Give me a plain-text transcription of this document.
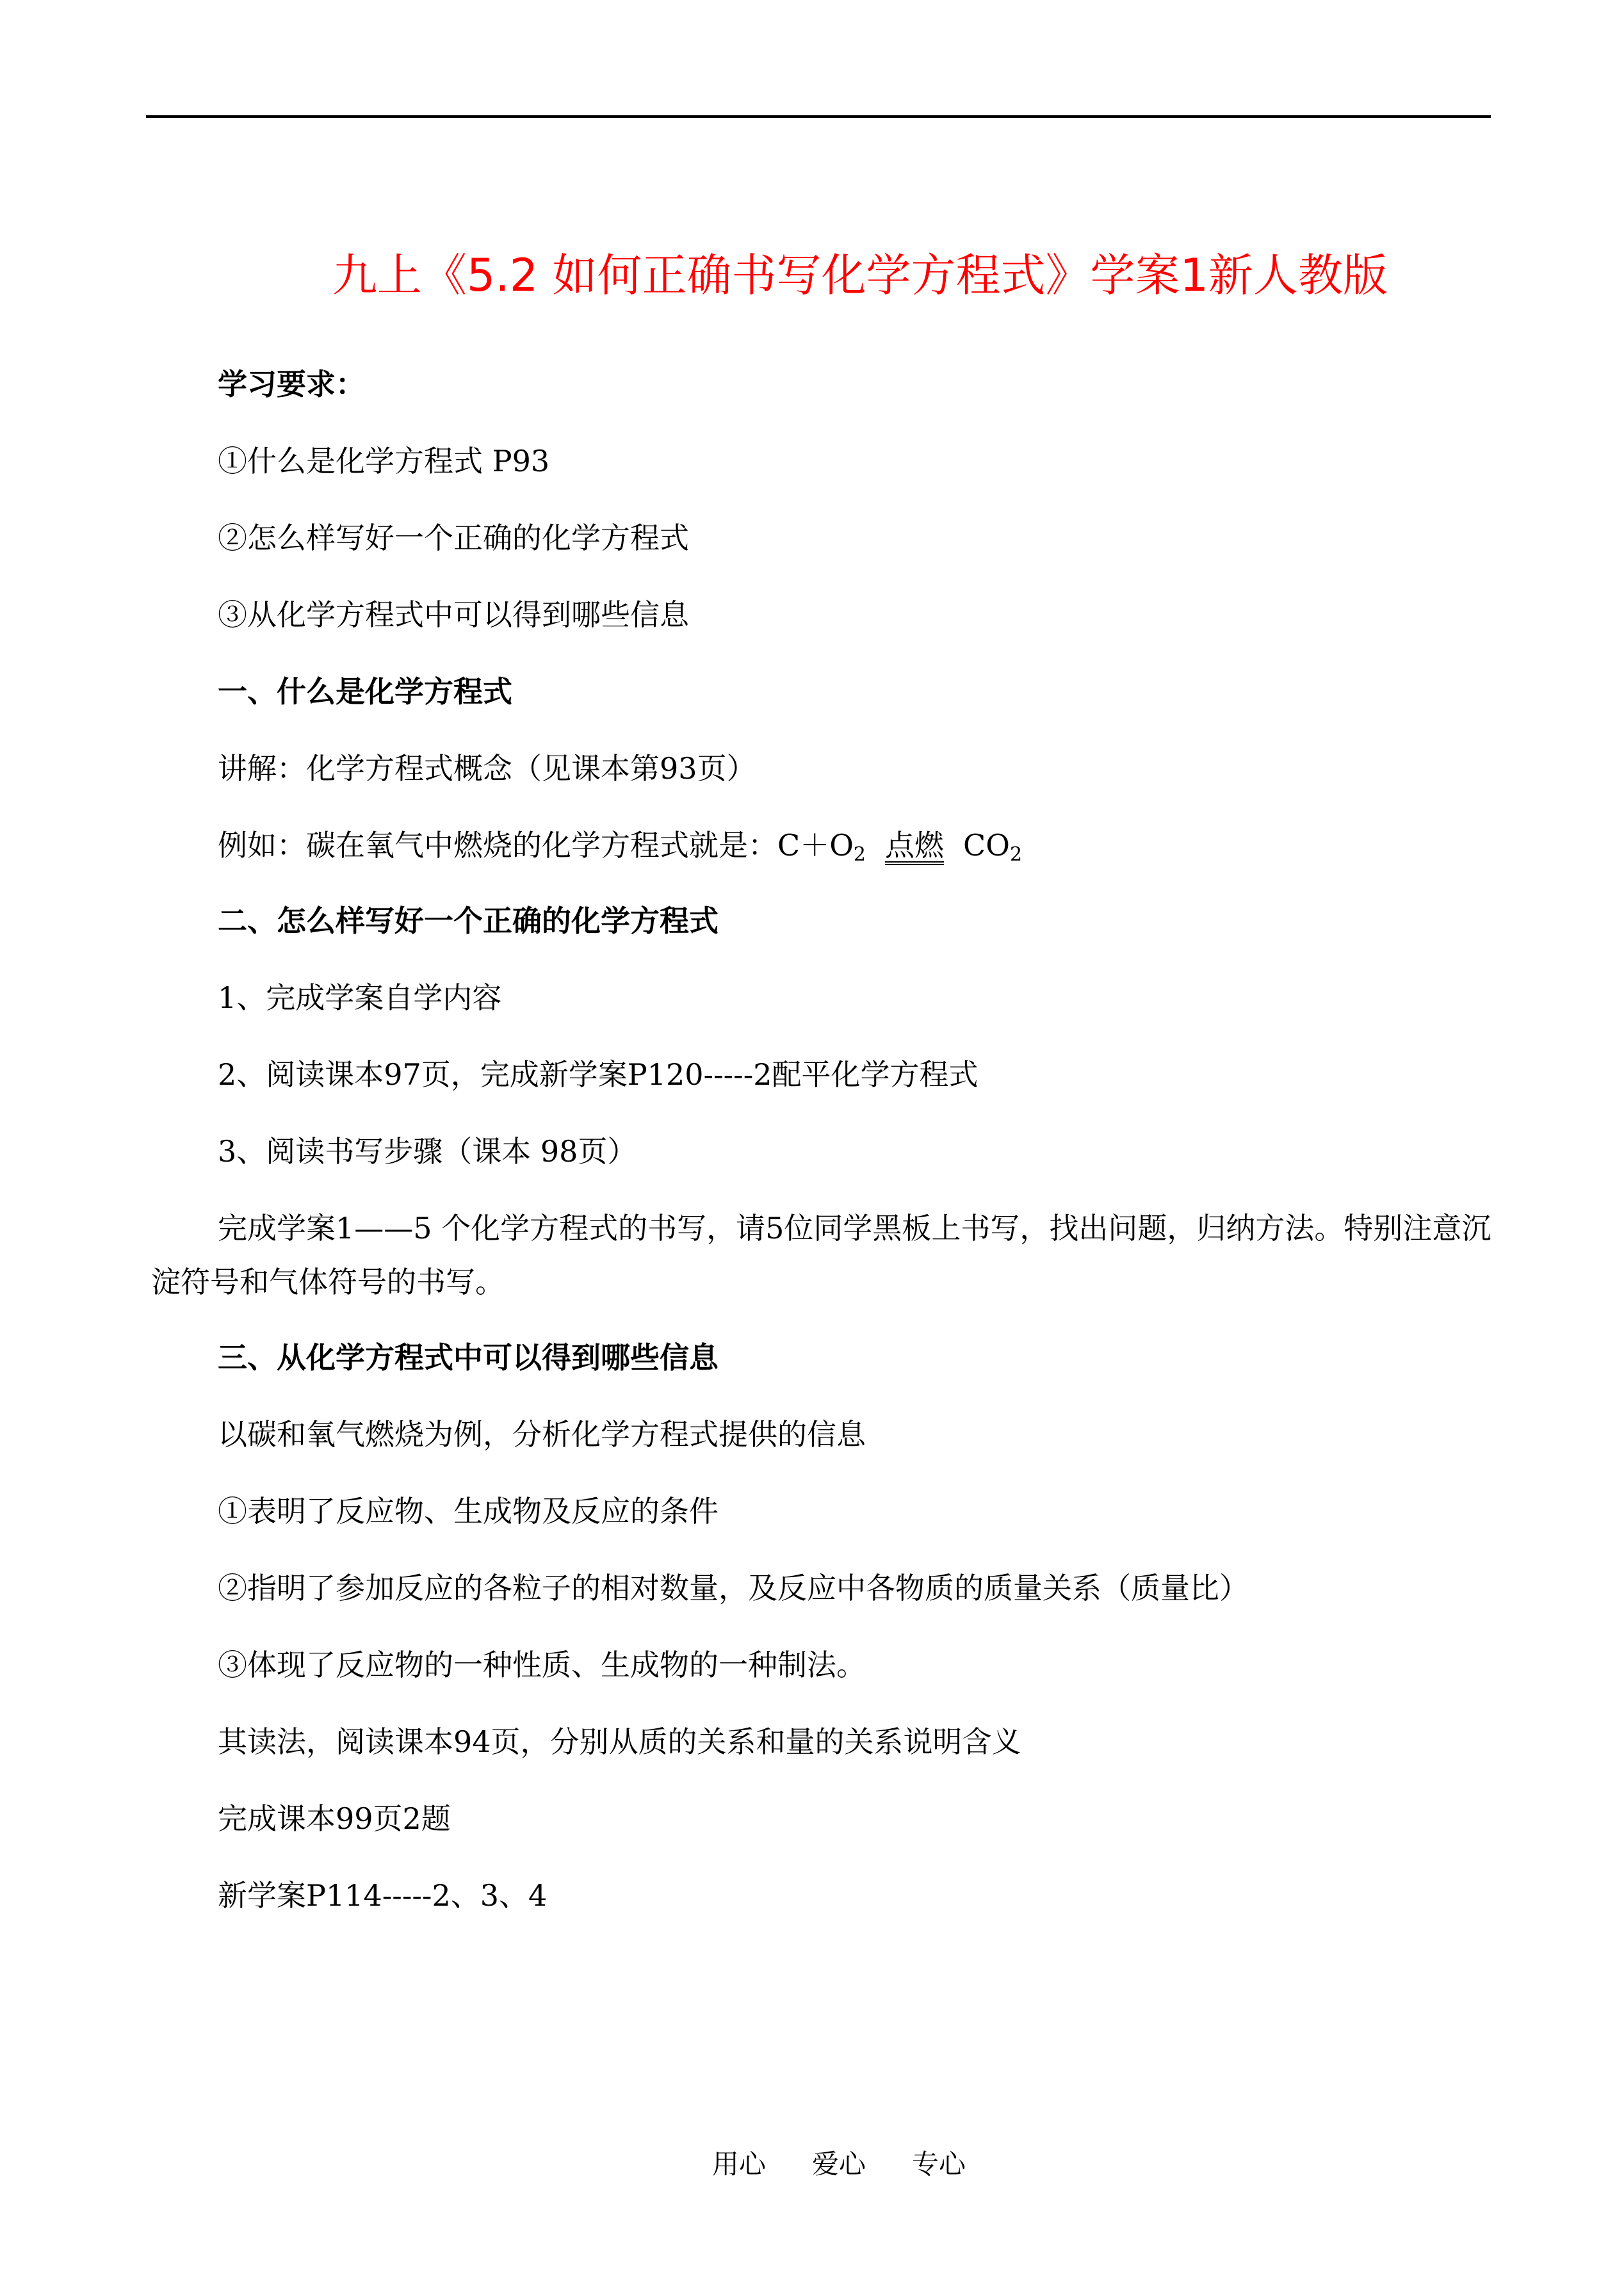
九上《5.2 如何正确书写化学方程式》学案1新人教版
学习要求：
①什么是化学方程式 P93
②怎么样写好一个正确的化学方程式
③从化学方程式中可以得到哪些信息
一、什么是化学方程式
讲解：化学方程式概念（见课本第93页）
例如：碳在氧气中燃烧的化学方程式就是：$C+O_2$ 点燃 $CO_2$
二、怎么样写好一个正确的化学方程式
1、完成学案自学内容
2、阅读课本97页，完成新学案P120-----2配平化学方程式
3、阅读书写步骤（课本 98页）
完成学案1——5 个化学方程式的书写，请5位同学黑板上书写，找出问题，归纳方法。特别注意沉淀符号和气体符号的书写。
三、从化学方程式中可以得到哪些信息
以碳和氧气燃烧为例，分析化学方程式提供的信息
①表明了反应物、生成物及反应的条件
②指明了参加反应的各粒子的相对数量，及反应中各物质的质量关系（质量比）
③体现了反应物的一种性质、生成物的一种制法。
其读法，阅读课本94页，分别从质的关系和量的关系说明含义
完成课本99页2题
新学案P114-----2、3、4
用心 爱心 专心
